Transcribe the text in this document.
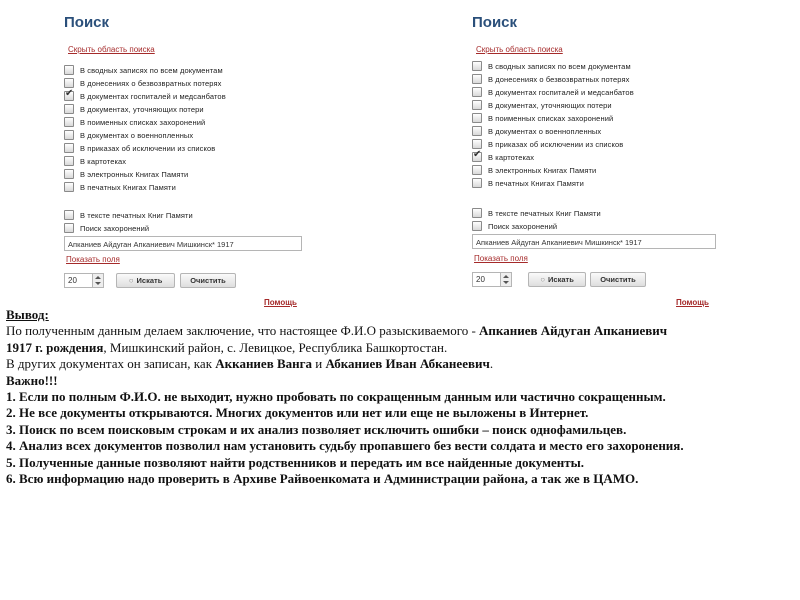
Поиск
Скрыть область поиска
В сводных записях по всем документам
В донесениях о безвозвратных потерях
✔
В документах госпиталей и медсанбатов
В документах, уточняющих потери
В поименных списках захоронений
В документах о военнопленных
В приказах об исключении из списков
В картотеках
В электронных Книгах Памяти
В печатных Книгах Памяти
В тексте печатных Книг Памяти
Поиск захоронений
Апканиев Айдуган Апканиевич Мишкинск* 1917
Показать поля
20	○ Искать	Очистить
Помощь
Поиск
Скрыть область поиска
В сводных записях по всем документам
В донесениях о безвозвратных потерях
В документах госпиталей и медсанбатов
В документах, уточняющих потери
В поименных списках захоронений
В документах о военнопленных
В приказах об исключении из списков
✔
В картотеках
В электронных Книгах Памяти
В печатных Книгах Памяти
В тексте печатных Книг Памяти
Поиск захоронений
Апканиев Айдуган Апканиевич Мишкинск* 1917
Показать поля
20	○ Искать	Очистить
Помощь

Вывод:

По полученным данным делаем заключение, что настоящее Ф.И.О разыскиваемого - Апканиев Айдуган Апканиевич

1917 г. рождения, Мишкинский район, с. Левицкое, Республика Башкортостан.

В других документах он записан, как Акканиев Ванга и Абканиев Иван Абканеевич.

Важно!!!

1. Если по полным Ф.И.О. не выходит, нужно пробовать по сокращенным данным или частично сокращенным.

2. Не все документы открываются. Многих документов или нет или еще не выложены в Интернет.

3. Поиск по всем поисковым строкам и их анализ позволяет исключить ошибки – поиск однофамильцев.

4. Анализ всех документов позволил нам установить судьбу пропавшего без вести солдата и место его захоронения.

5. Полученные данные позволяют найти родственников и передать им все найденные документы.

6. Всю информацию надо проверить в Архиве Райвоенкомата и Администрации района, а так же в ЦАМО.
